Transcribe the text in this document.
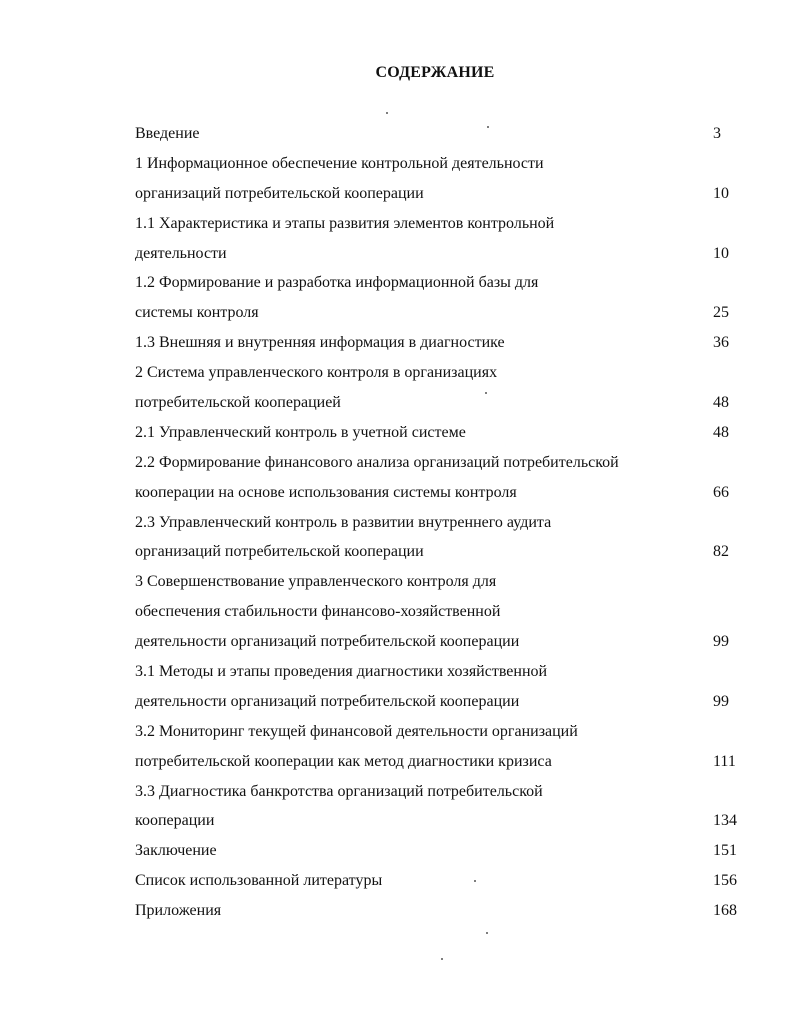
СОДЕРЖАНИЕ
Введение	3
1 Информационное обеспечение контрольной деятельности
организаций потребительской кооперации	10
1.1 Характеристика и этапы развития элементов контрольной
деятельности	10
1.2 Формирование и разработка информационной базы для
системы контроля	25
1.3 Внешняя и внутренняя информация в диагностике	36
2 Система управленческого контроля в организациях
потребительской кооперацией	48
2.1 Управленческий контроль в учетной системе	48
2.2 Формирование финансового анализа организаций потребительской
кооперации на основе использования системы контроля	66
2.3 Управленческий контроль в развитии внутреннего аудита
организаций потребительской кооперации	82
3 Совершенствование управленческого контроля для
обеспечения стабильности финансово-хозяйственной
деятельности организаций потребительской кооперации	99
3.1 Методы и этапы проведения диагностики хозяйственной
деятельности организаций потребительской кооперации	99
3.2 Мониторинг текущей финансовой деятельности организаций
потребительской кооперации как метод диагностики кризиса	111
3.3 Диагностика банкротства организаций потребительской
кооперации	134
Заключение	151
Список использованной литературы	156
Приложения	168
